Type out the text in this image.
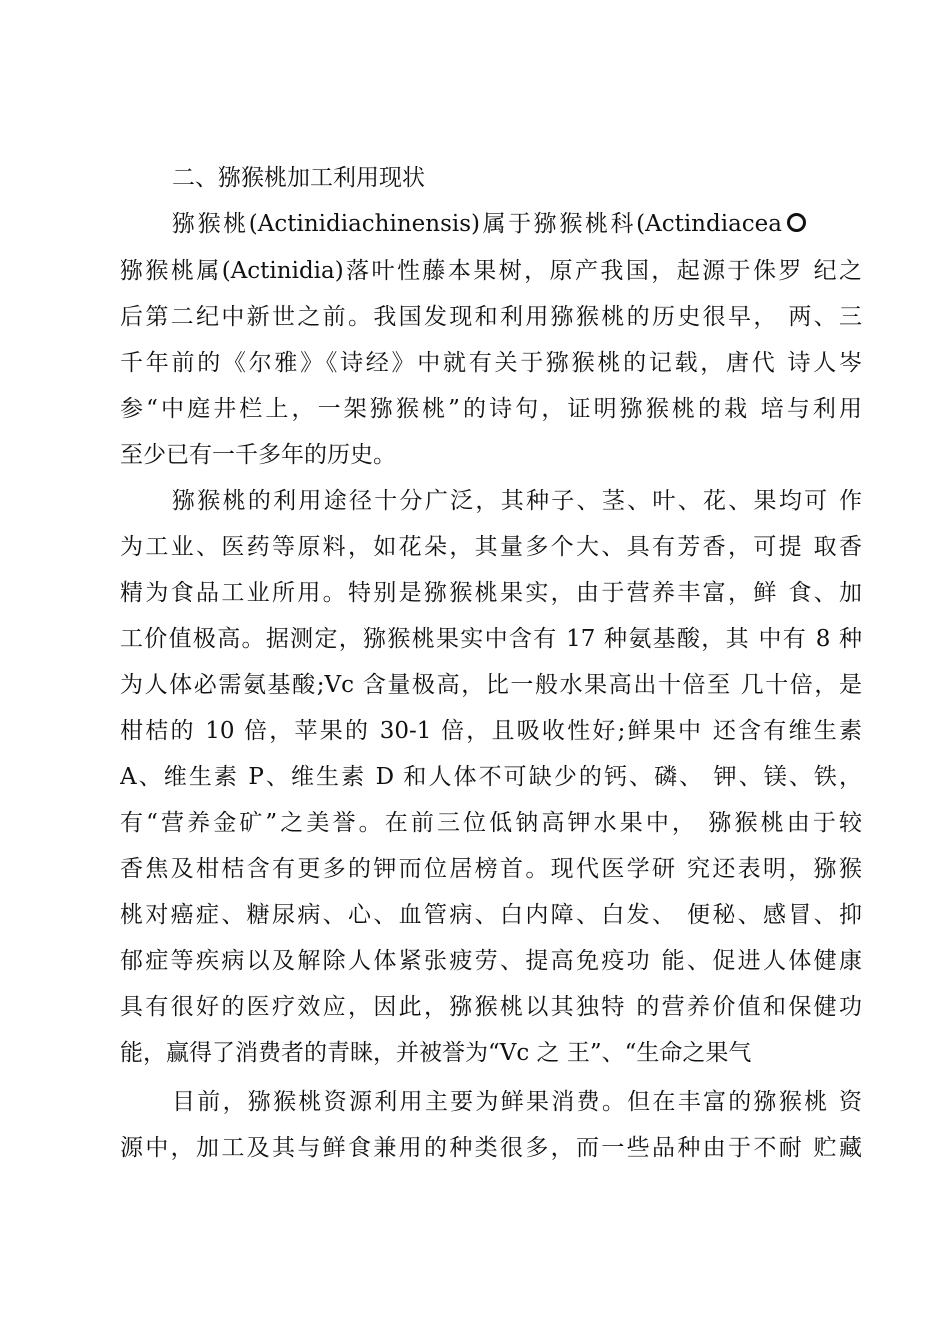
二、猕猴桃加工利用现状
猕猴桃(Actinidiachinensis)属于猕猴桃科(Actindiacea
猕猴桃属(Actinidia)落叶性藤本果树，原产我国，起源于侏罗 纪之
后第二纪中新世之前。我国发现和利用猕猴桃的历史很早， 两、三
千年前的《尔雅》《诗经》中就有关于猕猴桃的记载，唐代 诗人岑
参“中庭井栏上，一架猕猴桃”的诗句，证明猕猴桃的栽 培与利用
至少已有一千多年的历史。
猕猴桃的利用途径十分广泛，其种子、茎、叶、花、果均可 作
为工业、医药等原料，如花朵，其量多个大、具有芳香，可提 取香
精为食品工业所用。特别是猕猴桃果实，由于营养丰富，鲜 食、加
工价值极高。据测定，猕猴桃果实中含有 17 种氨基酸，其 中有 8 种
为人体必需氨基酸;Vc 含量极高，比一般水果高出十倍至 几十倍，是
柑桔的 10 倍，苹果的 30-1 倍，且吸收性好;鲜果中 还含有维生素
A、维生素 P、维生素 D 和人体不可缺少的钙、磷、 钾、镁、铁，
有“营养金矿”之美誉。在前三位低钠高钾水果中， 猕猴桃由于较
香焦及柑桔含有更多的钾而位居榜首。现代医学研 究还表明，猕猴
桃对癌症、糖尿病、心、血管病、白内障、白发、 便秘、感冒、抑
郁症等疾病以及解除人体紧张疲劳、提高免疫功 能、促进人体健康
具有很好的医疗效应，因此，猕猴桃以其独特 的营养价值和保健功
能，赢得了消费者的青睐，并被誉为“Vc 之 王”、“生命之果气
目前，猕猴桃资源利用主要为鲜果消费。但在丰富的猕猴桃 资
源中，加工及其与鲜食兼用的种类很多，而一些品种由于不耐 贮藏
